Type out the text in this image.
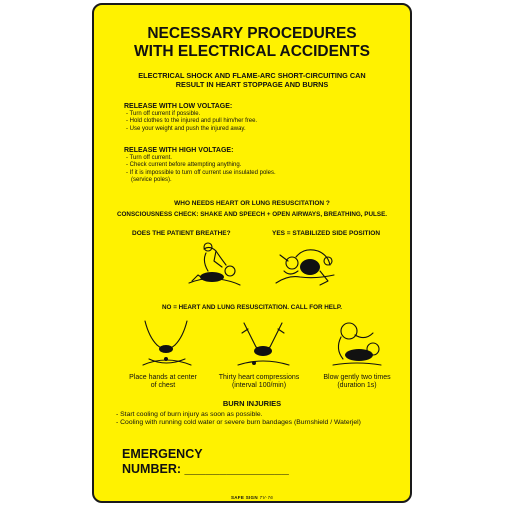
NECESSARY PROCEDURES
WITH ELECTRICAL ACCIDENTS
ELECTRICAL SHOCK AND FLAME-ARC SHORT-CIRCUITING CAN
RESULT IN HEART STOPPAGE AND BURNS
RELEASE WITH LOW VOLTAGE:
- Turn off current if possible.
- Hold clothes to the injured and pull him/her free.
- Use your weight and push the injured away.
RELEASE WITH HIGH VOLTAGE:
- Turn off current.
- Check current before attempting anything.
- If it is impossible to turn off current use insulated poles.
(service poles).
WHO NEEDS HEART OR LUNG RESUSCITATION ?
CONSCIOUSNESS CHECK: SHAKE AND SPEECH + OPEN AIRWAYS, BREATHING, PULSE.
DOES THE PATIENT BREATHE?	YES = STABILIZED SIDE POSITION
NO = HEART AND LUNG RESUSCITATION. CALL FOR HELP.
Place hands at center
of chest
Thirty heart compressions
(interval 100/min)
Blow gently two times
(duration 1s)
BURN INJURIES
- Start cooling of burn injury as soon as possible.
- Cooling with running cold water or severe burn bandages (Burnshield / Waterjel)
EMERGENCY
NUMBER: _______________
SAFE SIGN TV-76
